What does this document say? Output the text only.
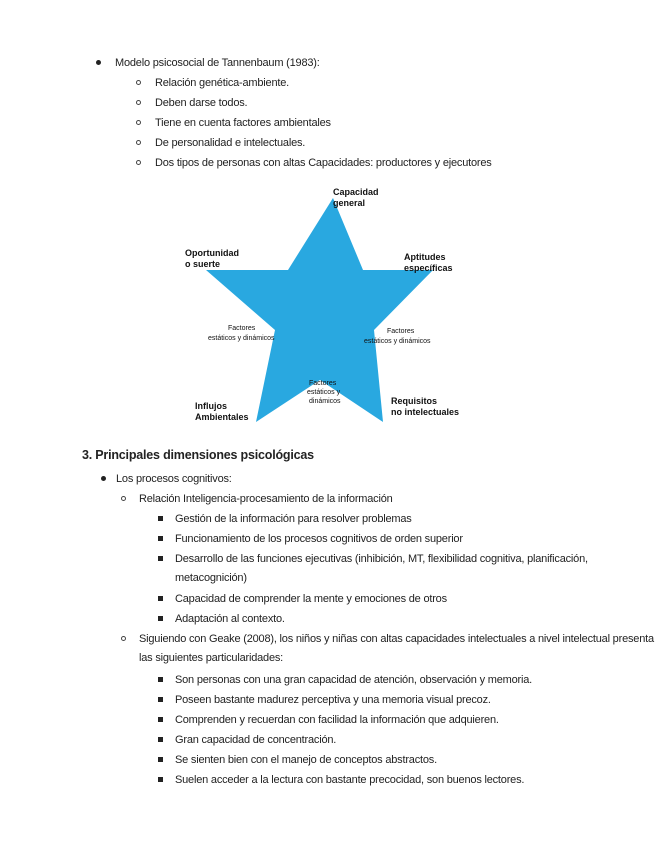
Modelo psicosocial de Tannenbaum (1983):
Relación genética-ambiente.
Deben darse todos.
Tiene en cuenta factores ambientales
De personalidad e intelectuales.
Dos tipos de personas con altas Capacidades: productores y ejecutores
Capacidad
general
Aptitudes
específicas
Oportunidad
o suerte
Influjos
Ambientales
Requisitos
no intelectuales
Factores
estáticos y dinámicos
Factores
estáticos y dinámicos
Factores
estáticos y
dinámicos
3. Principales dimensiones psicológicas
Los procesos cognitivos:
Relación Inteligencia-procesamiento de la información
Gestión de la información para resolver problemas
Funcionamiento de los procesos cognitivos de orden superior
Desarrollo de las funciones ejecutivas (inhibición, MT, flexibilidad cognitiva, planificación,
metacognición)
Capacidad de comprender la mente y emociones de otros
Adaptación al contexto.
Siguiendo con Geake (2008), los niños y niñas con altas capacidades intelectuales a nivel intelectual presenta
las siguientes particularidades:
Son personas con una gran capacidad de atención, observación y memoria.
Poseen bastante madurez perceptiva y una memoria visual precoz.
Comprenden y recuerdan con facilidad la información que adquieren.
Gran capacidad de concentración.
Se sienten bien con el manejo de conceptos abstractos.
Suelen acceder a la lectura con bastante precocidad, son buenos lectores.
